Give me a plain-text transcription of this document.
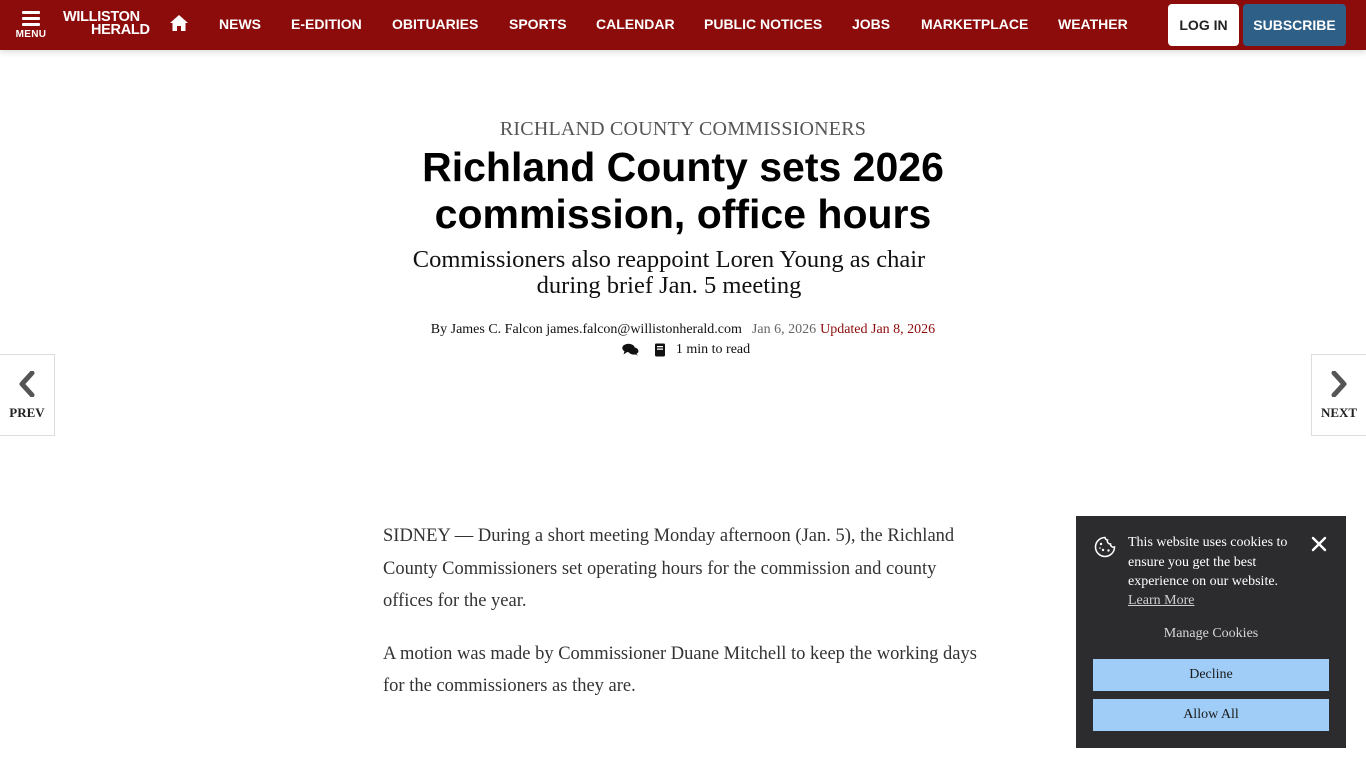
MENU
WILLISTON
HERALD	NEWS E-EDITION OBITUARIES SPORTS CALENDAR PUBLIC NOTICES JOBS MARKETPLACE WEATHER	LOG IN	SUBSCRIBE
RICHLAND COUNTY COMMISSIONERS
Richland County sets 2026 commission, office hours
Commissioners also reappoint Loren Young as chair during brief Jan. 5 meeting
By James C. Falcon james.falcon@willistonherald.com Jan 6, 2026 Updated Jan 8, 2026
1 min to read
PREV	NEXT

SIDNEY — During a short meeting Monday afternoon (Jan. 5), the Richland County Commissioners set operating hours for the commission and county offices for the year.

A motion was made by Commissioner Duane Mitchell to keep the working days for the commissioners as they are.

This website uses cookies to ensure you get the best experience on our website.
Learn More
Manage Cookies
Decline
Allow All
